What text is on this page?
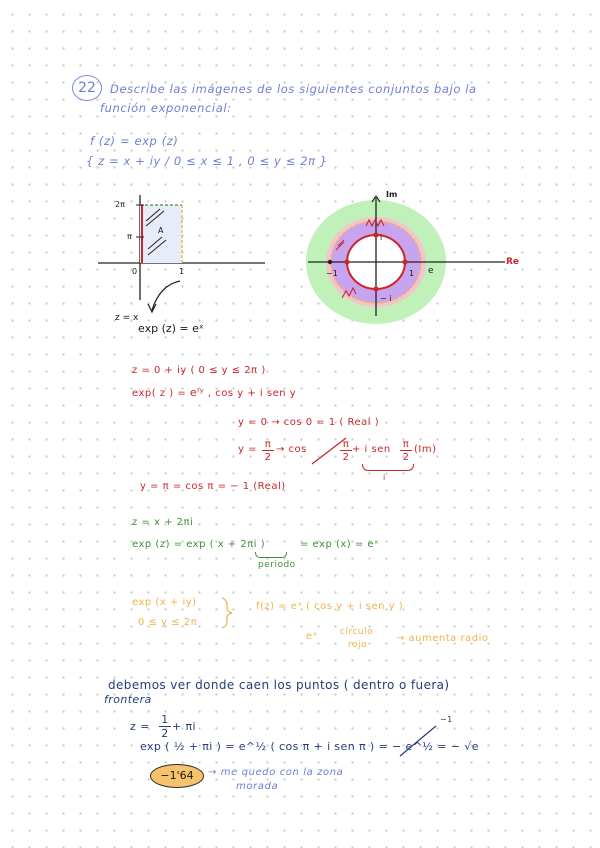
22	Describe las imágenes de los siguientes conjuntos bajo la
función exponencial:
f (z) = exp (z)
{ z = x + iy / 0 ≤ x ≤ 1 , 0 ≤ y ≤ 2π }
2π
π
0	1
A
z = x
exp (z) = eˣ
Im
Re
−1	1
i
− i
e
z = 0 + iy ( 0 ≤ y ≤ 2π )
exp( z ) = eⁱʸ , cos y + i sen y
y = 0 → cos 0 = 1 ( Real )
y = π
2
→ cos	π
2
+ i sen π
2
(Im)
i
y = π = cos π = − 1 (Real)
z = x + 2πi
exp (z) = exp ( x + 2πi )	= exp (x) = eˣ
periodo
exp (x + iy)
0 ≤ y ≤ 2π
f(z) = eˣ ( cos y + i sen y )
eˣ círculo
rojo
→ aumenta radio
debemos ver donde caen los puntos ( dentro o fuera)
frontera
z =
1
2
+ πi
exp ( ½ + πi ) = e^½ ( cos π + i sen π ) = − e^½ = − √e
−1
−1'64	→ me quedo con la zona
morada
